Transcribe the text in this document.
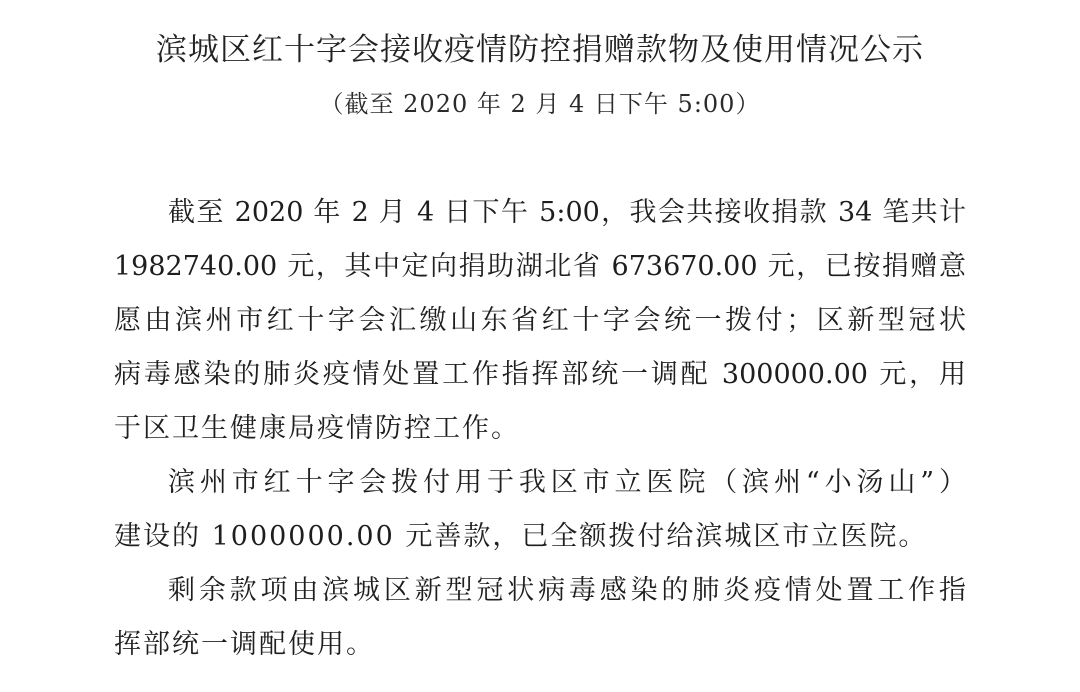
滨城区红十字会接收疫情防控捐赠款物及使用情况公示
（截至 2020 年 2 月 4 日下午 5:00）
截至 2020 年 2 月 4 日下午 5:00，我会共接收捐款 34 笔共计
1982740.00 元，其中定向捐助湖北省 673670.00 元，已按捐赠意
愿由滨州市红十字会汇缴山东省红十字会统一拨付；区新型冠状
病毒感染的肺炎疫情处置工作指挥部统一调配 300000.00 元，用
于区卫生健康局疫情防控工作。
滨州市红十字会拨付用于我区市立医院（滨州“小汤山”）
建设的 1000000.00 元善款，已全额拨付给滨城区市立医院。
剩余款项由滨城区新型冠状病毒感染的肺炎疫情处置工作指
挥部统一调配使用。
